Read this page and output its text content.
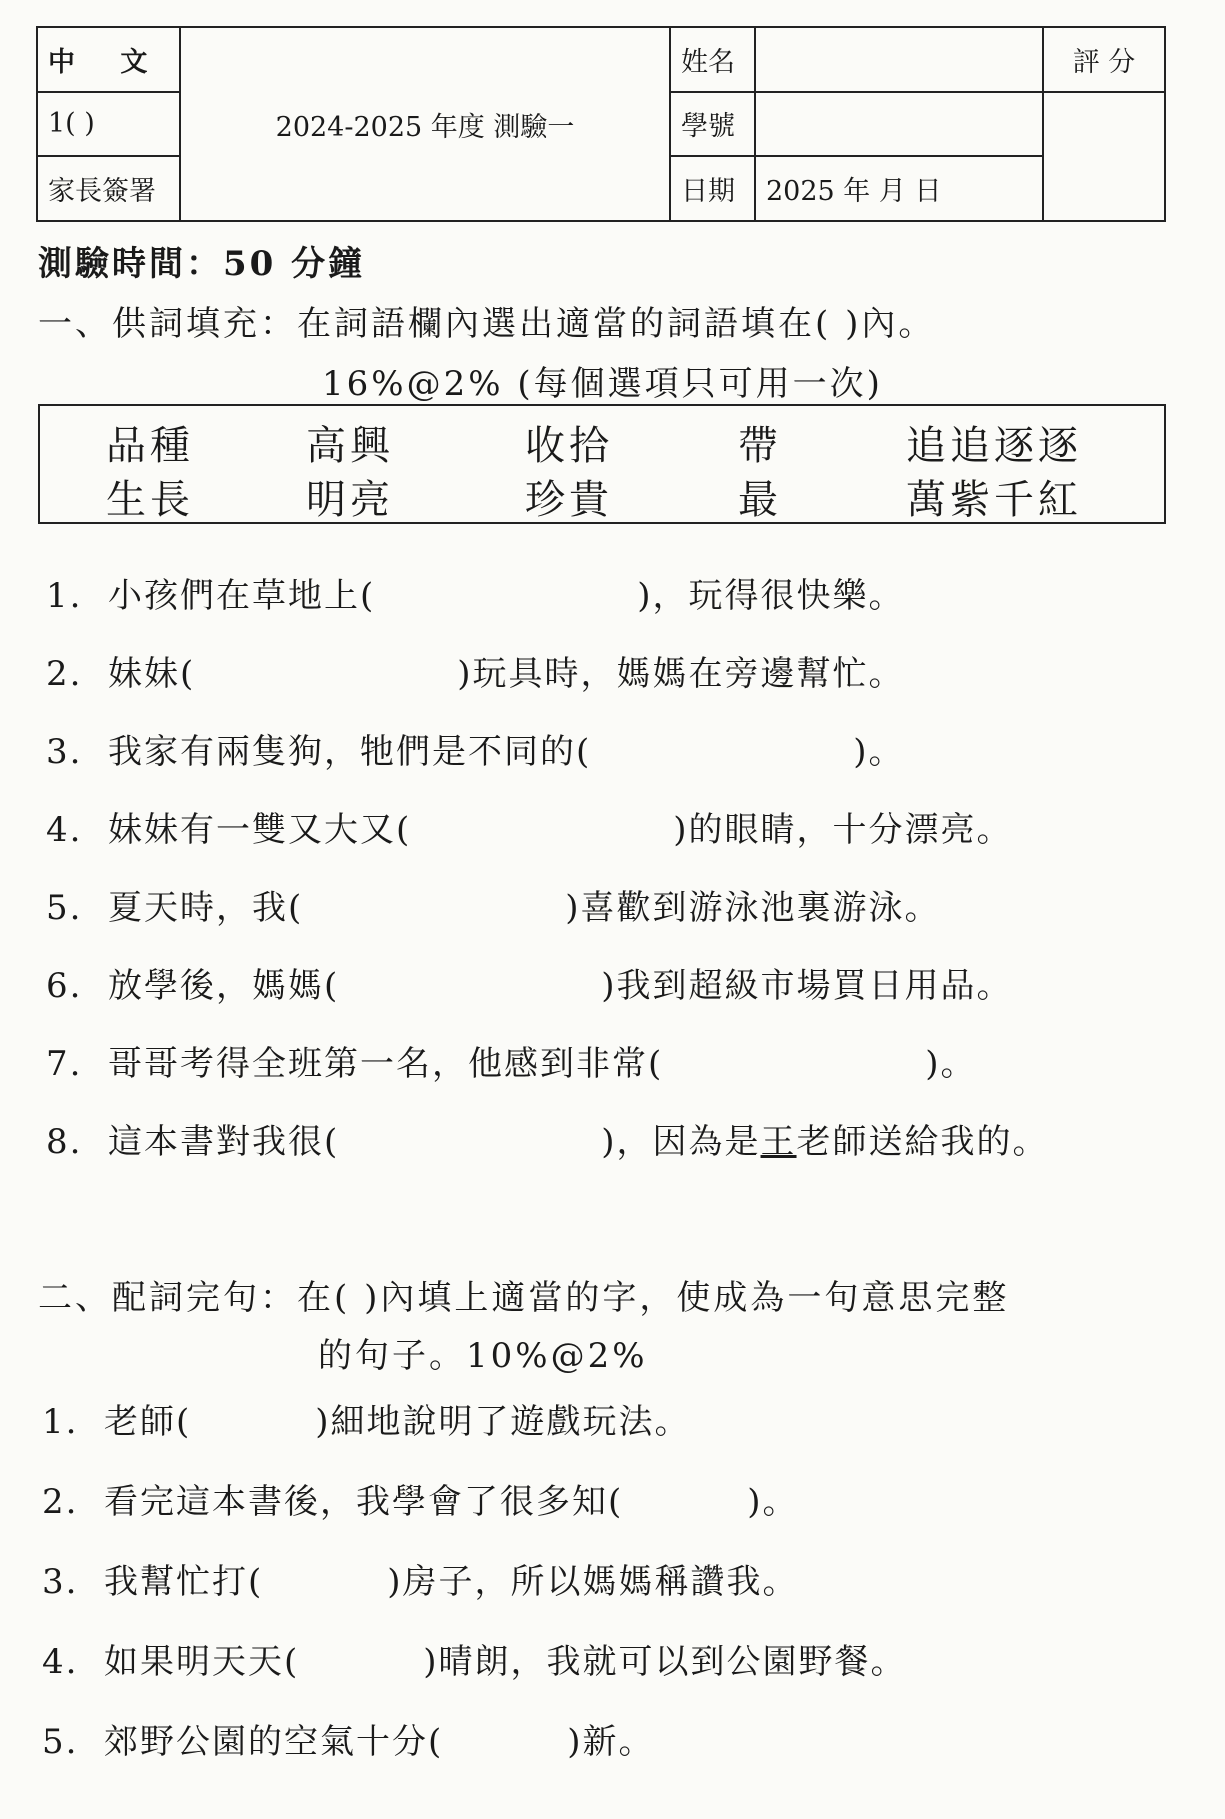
中 文	2024-2025 年度 測驗一	姓名		評 分
1( )		學號		
家長簽署		日期	2025 年 月 日	
測驗時間：50 分鐘
一、供詞填充：在詞語欄內選出適當的詞語填在( )內。
16%@2% (每個選項只可用一次)
品種	高興	收拾	帶	追追逐逐
生長	明亮	珍貴	最	萬紫千紅
1. 小孩們在草地上(	)，玩得很快樂。
2. 妹妹(	)玩具時，媽媽在旁邊幫忙。
3. 我家有兩隻狗，牠們是不同的(	)。
4. 妹妹有一雙又大又(	)的眼睛，十分漂亮。
5. 夏天時，我(	)喜歡到游泳池裏游泳。
6. 放學後，媽媽(	)我到超級市場買日用品。
7. 哥哥考得全班第一名，他感到非常(	)。
8. 這本書對我很(	)，因為是王老師送給我的。
二、配詞完句：在( )內填上適當的字，使成為一句意思完整
的句子。10%@2%
1. 老師(	)細地說明了遊戲玩法。
2. 看完這本書後，我學會了很多知(	)。
3. 我幫忙打(	)房子，所以媽媽稱讚我。
4. 如果明天天(	)晴朗，我就可以到公園野餐。
5. 郊野公園的空氣十分(	)新。
